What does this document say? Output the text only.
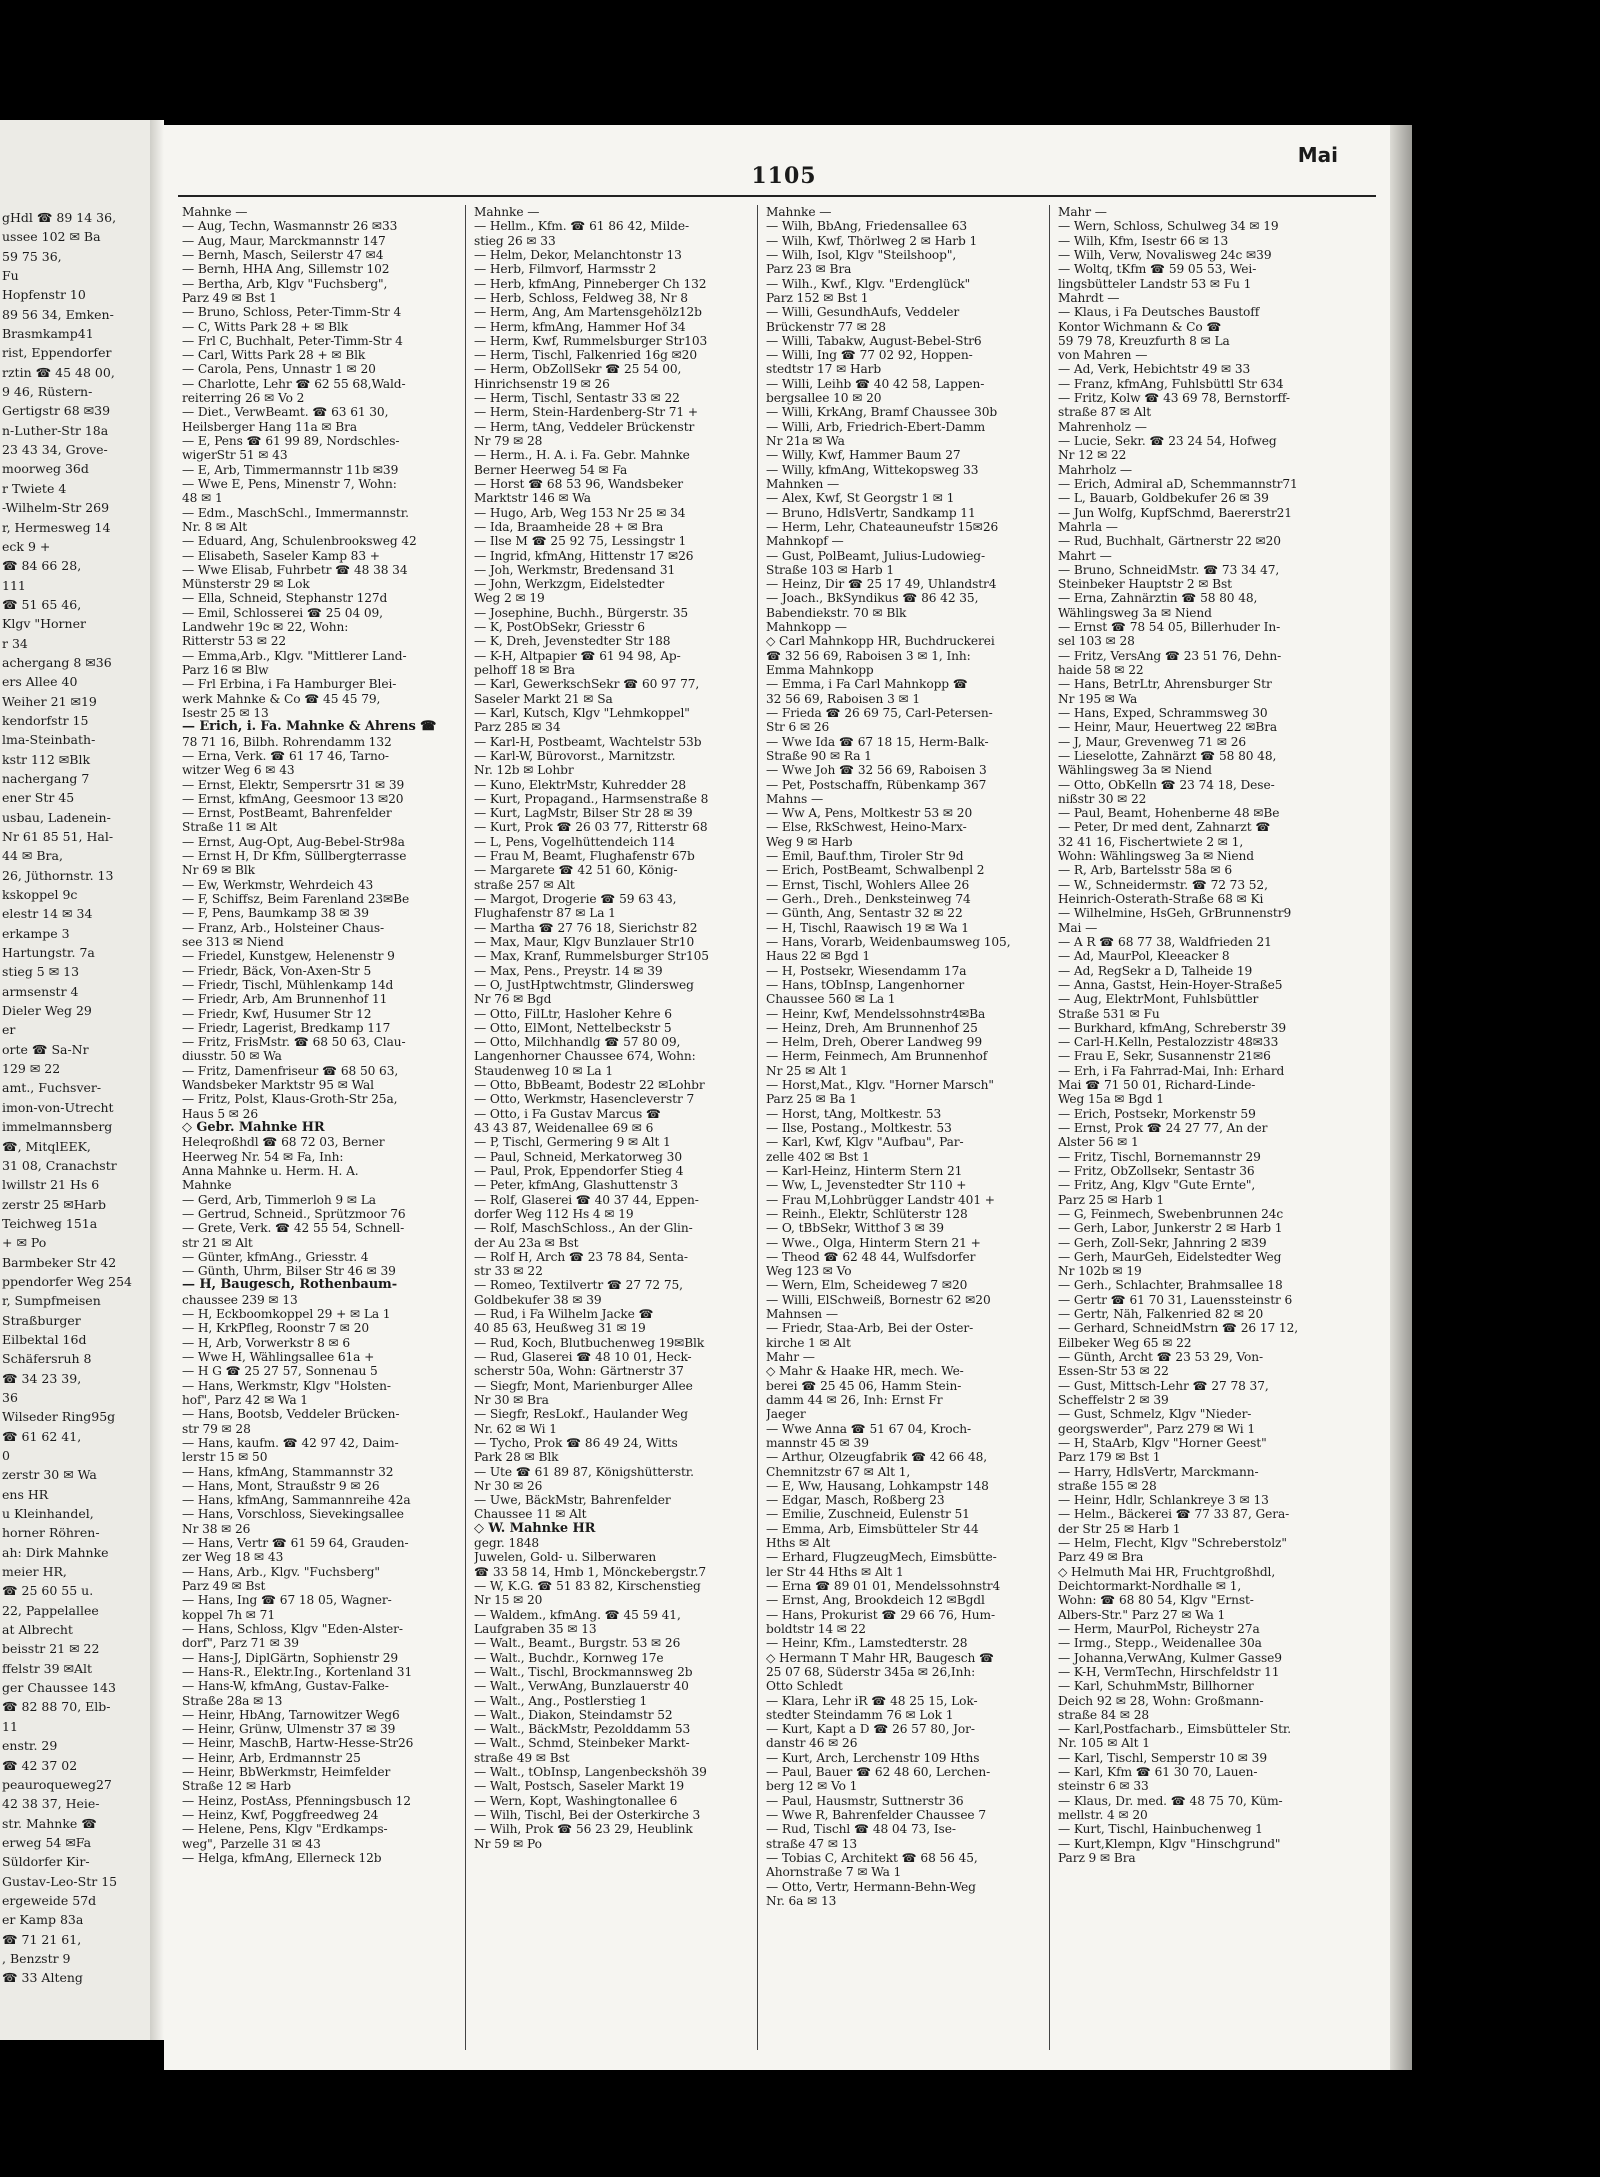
gHdl ☎ 89 14 36,
ussee 102 ✉ Ba
59 75 36,
Fu
Hopfenstr 10
89 56 34, Emken-
Brasmkamp41
rist, Eppendorfer
rztin ☎ 45 48 00,
9 46, Rüstern-
Gertigstr 68 ✉39
n-Luther-Str 18a
23 43 34, Grove-
moorweg 36d
r Twiete 4
-Wilhelm-Str 269
r, Hermesweg 14
eck 9 +
☎ 84 66 28,
111
☎ 51 65 46,
Klgv "Horner
r 34
achergang 8 ✉36
ers Allee 40
Weiher 21 ✉19
kendorfstr 15
lma-Steinbath-
kstr 112 ✉Blk
nachergang 7
ener Str 45
usbau, Ladenein-
Nr 61 85 51, Hal-
44 ✉ Bra,
26, Jüthornstr. 13
kskoppel 9c
elestr 14 ✉ 34
erkampe 3
Hartungstr. 7a
stieg 5 ✉ 13
armsenstr 4
Dieler Weg 29
er
orte ☎ Sa-Nr
129 ✉ 22
amt., Fuchsver-
imon-von-Utrecht
immelmannsberg
☎, MitqlEEK,
31 08, Cranachstr
lwillstr 21 Hs 6
zerstr 25 ✉Harb
Teichweg 151a
+ ✉ Po
Barmbeker Str 42
ppendorfer Weg 254
r, Sumpfmeisen
Straßburger
Eilbektal 16d
Schäfersruh 8
☎ 34 23 39,
36
Wilseder Ring95g
☎ 61 62 41,
0
zerstr 30 ✉ Wa
ens HR
u Kleinhandel,
horner Röhren-
ah: Dirk Mahnke
meier HR,
☎ 25 60 55 u.
22, Pappelallee
at Albrecht
beisstr 21 ✉ 22
ffelstr 39 ✉Alt
ger Chaussee 143
☎ 82 88 70, Elb-
11
enstr. 29
☎ 42 37 02
peauroqueweg27
42 38 37, Heie-
str. Mahnke ☎
erweg 54 ✉Fa
Süldorfer Kir-
Gustav-Leo-Str 15
ergeweide 57d
er Kamp 83a
☎ 71 21 61,
, Benzstr 9
☎ 33 Alteng
1105
Mai
Mahnke —
— Aug, Techn, Wasmannstr 26 ✉33
— Aug, Maur, Marckmannstr 147
— Bernh, Masch, Seilerstr 47 ✉4
— Bernh, HHA Ang, Sillemstr 102
— Bertha, Arb, Klgv "Fuchsberg",
Parz 49 ✉ Bst 1
— Bruno, Schloss, Peter-Timm-Str 4
— C, Witts Park 28 + ✉ Blk
— Frl C, Buchhalt, Peter-Timm-Str 4
— Carl, Witts Park 28 + ✉ Blk
— Carola, Pens, Unnastr 1 ✉ 20
— Charlotte, Lehr ☎ 62 55 68,Wald-
reiterring 26 ✉ Vo 2
— Diet., VerwBeamt. ☎ 63 61 30,
Heilsberger Hang 11a ✉ Bra
— E, Pens ☎ 61 99 89, Nordschles-
wigerStr 51 ✉ 43
— E, Arb, Timmermannstr 11b ✉39
— Wwe E, Pens, Minenstr 7, Wohn:
48 ✉ 1
— Edm., MaschSchl., Immermannstr.
Nr. 8 ✉ Alt
— Eduard, Ang, Schulenbrooksweg 42
— Elisabeth, Saseler Kamp 83 +
— Wwe Elisab, Fuhrbetr ☎ 48 38 34
Münsterstr 29 ✉ Lok
— Ella, Schneid, Stephanstr 127d
— Emil, Schlosserei ☎ 25 04 09,
Landwehr 19c ✉ 22, Wohn:
Ritterstr 53 ✉ 22
— Emma,Arb., Klgv. "Mittlerer Land-
Parz 16 ✉ Blw
— Frl Erbina, i Fa Hamburger Blei-
werk Mahnke & Co ☎ 45 45 79,
Isestr 25 ✉ 13
— Erich, i. Fa. Mahnke & Ahrens ☎
78 71 16, Bilbh. Rohrendamm 132
— Erna, Verk. ☎ 61 17 46, Tarno-
witzer Weg 6 ✉ 43
— Ernst, Elektr, Sempersrtr 31 ✉ 39
— Ernst, kfmAng, Geesmoor 13 ✉20
— Ernst, PostBeamt, Bahrenfelder
Straße 11 ✉ Alt
— Ernst, Aug-Opt, Aug-Bebel-Str98a
— Ernst H, Dr Kfm, Süllbergterrasse
Nr 69 ✉ Blk
— Ew, Werkmstr, Wehrdeich 43
— F, Schiffsz, Beim Farenland 23✉Be
— F, Pens, Baumkamp 38 ✉ 39
— Franz, Arb., Holsteiner Chaus-
see 313 ✉ Niend
— Friedel, Kunstgew, Helenenstr 9
— Friedr, Bäck, Von-Axen-Str 5
— Friedr, Tischl, Mühlenkamp 14d
— Friedr, Arb, Am Brunnenhof 11
— Friedr, Kwf, Husumer Str 12
— Friedr, Lagerist, Bredkamp 117
— Fritz, FrisMstr. ☎ 68 50 63, Clau-
diusstr. 50 ✉ Wa
— Fritz, Damenfriseur ☎ 68 50 63,
Wandsbeker Marktstr 95 ✉ Wal
— Fritz, Polst, Klaus-Groth-Str 25a,
Haus 5 ✉ 26
◇ Gebr. Mahnke HR
Heleqroßhdl ☎ 68 72 03, Berner
Heerweg Nr. 54 ✉ Fa, Inh:
Anna Mahnke u. Herm. H. A.
Mahnke
— Gerd, Arb, Timmerloh 9 ✉ La
— Gertrud, Schneid., Sprützmoor 76
— Grete, Verk. ☎ 42 55 54, Schnell-
str 21 ✉ Alt
— Günter, kfmAng., Griesstr. 4
— Günth, Uhrm, Bilser Str 46 ✉ 39
— H, Baugesch, Rothenbaum-
chaussee 239 ✉ 13
— H, Eckboomkoppel 29 + ✉ La 1
— H, KrkPfleg, Roonstr 7 ✉ 20
— H, Arb, Vorwerkstr 8 ✉ 6
— Wwe H, Wählingsallee 61a +
— H G ☎ 25 27 57, Sonnenau 5
— Hans, Werkmstr, Klgv "Holsten-
hof", Parz 42 ✉ Wa 1
— Hans, Bootsb, Veddeler Brücken-
str 79 ✉ 28
— Hans, kaufm. ☎ 42 97 42, Daim-
lerstr 15 ✉ 50
— Hans, kfmAng, Stammannstr 32
— Hans, Mont, Straußstr 9 ✉ 26
— Hans, kfmAng, Sammannreihe 42a
— Hans, Vorschloss, Sievekingsallee
Nr 38 ✉ 26
— Hans, Vertr ☎ 61 59 64, Grauden-
zer Weg 18 ✉ 43
— Hans, Arb., Klgv. "Fuchsberg"
Parz 49 ✉ Bst
— Hans, Ing ☎ 67 18 05, Wagner-
koppel 7h ✉ 71
— Hans, Schloss, Klgv "Eden-Alster-
dorf", Parz 71 ✉ 39
— Hans-J, DiplGärtn, Sophienstr 29
— Hans-R., Elektr.Ing., Kortenland 31
— Hans-W, kfmAng, Gustav-Falke-
Straße 28a ✉ 13
— Heinr, HbAng, Tarnowitzer Weg6
— Heinr, Grünw, Ulmenstr 37 ✉ 39
— Heinr, MaschB, Hartw-Hesse-Str26
— Heinr, Arb, Erdmannstr 25
— Heinr, BbWerkmstr, Heimfelder
Straße 12 ✉ Harb
— Heinz, PostAss, Pfenningsbusch 12
— Heinz, Kwf, Poggfreedweg 24
— Helene, Pens, Klgv "Erdkamps-
weg", Parzelle 31 ✉ 43
— Helga, kfmAng, Ellerneck 12b
Mahnke —
— Hellm., Kfm. ☎ 61 86 42, Milde-
stieg 26 ✉ 33
— Helm, Dekor, Melanchtonstr 13
— Herb, Filmvorf, Harmsstr 2
— Herb, kfmAng, Pinneberger Ch 132
— Herb, Schloss, Feldweg 38, Nr 8
— Herm, Ang, Am Martensgehölz12b
— Herm, kfmAng, Hammer Hof 34
— Herm, Kwf, Rummelsburger Str103
— Herm, Tischl, Falkenried 16g ✉20
— Herm, ObZollSekr ☎ 25 54 00,
Hinrichsenstr 19 ✉ 26
— Herm, Tischl, Sentastr 33 ✉ 22
— Herm, Stein-Hardenberg-Str 71 +
— Herm, tAng, Veddeler Brückenstr
Nr 79 ✉ 28
— Herm., H. A. i. Fa. Gebr. Mahnke
Berner Heerweg 54 ✉ Fa
— Horst ☎ 68 53 96, Wandsbeker
Marktstr 146 ✉ Wa
— Hugo, Arb, Weg 153 Nr 25 ✉ 34
— Ida, Braamheide 28 + ✉ Bra
— Ilse M ☎ 25 92 75, Lessingstr 1
— Ingrid, kfmAng, Hittenstr 17 ✉26
— Joh, Werkmstr, Bredensand 31
— John, Werkzgm, Eidelstedter
Weg 2 ✉ 19
— Josephine, Buchh., Bürgerstr. 35
— K, PostObSekr, Griesstr 6
— K, Dreh, Jevenstedter Str 188
— K-H, Altpapier ☎ 61 94 98, Ap-
pelhoff 18 ✉ Bra
— Karl, GewerkschSekr ☎ 60 97 77,
Saseler Markt 21 ✉ Sa
— Karl, Kutsch, Klgv "Lehmkoppel"
Parz 285 ✉ 34
— Karl-H, Postbeamt, Wachtelstr 53b
— Karl-W, Bürovorst., Marnitzstr.
Nr. 12b ✉ Lohbr
— Kuno, ElektrMstr, Kuhredder 28
— Kurt, Propagand., Harmsenstraße 8
— Kurt, LagMstr, Bilser Str 28 ✉ 39
— Kurt, Prok ☎ 26 03 77, Ritterstr 68
— L, Pens, Vogelhüttendeich 114
— Frau M, Beamt, Flughafenstr 67b
— Margarete ☎ 42 51 60, König-
straße 257 ✉ Alt
— Margot, Drogerie ☎ 59 63 43,
Flughafenstr 87 ✉ La 1
— Martha ☎ 27 76 18, Sierichstr 82
— Max, Maur, Klgv Bunzlauer Str10
— Max, Kranf, Rummelsburger Str105
— Max, Pens., Preystr. 14 ✉ 39
— O, JustHptwchtmstr, Glindersweg
Nr 76 ✉ Bgd
— Otto, FilLtr, Hasloher Kehre 6
— Otto, ElMont, Nettelbeckstr 5
— Otto, Milchhandlg ☎ 57 80 09,
Langenhorner Chaussee 674, Wohn:
Staudenweg 10 ✉ La 1
— Otto, BbBeamt, Bodestr 22 ✉Lohbr
— Otto, Werkmstr, Hasencleverstr 7
— Otto, i Fa Gustav Marcus ☎
43 43 87, Weidenallee 69 ✉ 6
— P, Tischl, Germering 9 ✉ Alt 1
— Paul, Schneid, Merkatorweg 30
— Paul, Prok, Eppendorfer Stieg 4
— Peter, kfmAng, Glashuttenstr 3
— Rolf, Glaserei ☎ 40 37 44, Eppen-
dorfer Weg 112 Hs 4 ✉ 19
— Rolf, MaschSchloss., An der Glin-
der Au 23a ✉ Bst
— Rolf H, Arch ☎ 23 78 84, Senta-
str 33 ✉ 22
— Romeo, Textilvertr ☎ 27 72 75,
Goldbekufer 38 ✉ 39
— Rud, i Fa Wilhelm Jacke ☎
40 85 63, Heußweg 31 ✉ 19
— Rud, Koch, Blutbuchenweg 19✉Blk
— Rud, Glaserei ☎ 48 10 01, Heck-
scherstr 50a, Wohn: Gärtnerstr 37
— Siegfr, Mont, Marienburger Allee
Nr 30 ✉ Bra
— Siegfr, ResLokf., Haulander Weg
Nr. 62 ✉ Wi 1
— Tycho, Prok ☎ 86 49 24, Witts
Park 28 ✉ Blk
— Ute ☎ 61 89 87, Königshütterstr.
Nr 30 ✉ 26
— Uwe, BäckMstr, Bahrenfelder
Chaussee 11 ✉ Alt
◇ W. Mahnke HR
gegr. 1848
Juwelen, Gold- u. Silberwaren
☎ 33 58 14, Hmb 1, Mönckebergstr.7
— W, K.G. ☎ 51 83 82, Kirschenstieg
Nr 15 ✉ 20
— Waldem., kfmAng. ☎ 45 59 41,
Laufgraben 35 ✉ 13
— Walt., Beamt., Burgstr. 53 ✉ 26
— Walt., Buchdr., Kornweg 17e
— Walt., Tischl, Brockmannsweg 2b
— Walt., VerwAng, Bunzlauerstr 40
— Walt., Ang., Postlerstieg 1
— Walt., Diakon, Steindamstr 52
— Walt., BäckMstr, Pezolddamm 53
— Walt., Schmd, Steinbeker Markt-
straße 49 ✉ Bst
— Walt., tObInsp, Langenbeckshöh 39
— Walt, Postsch, Saseler Markt 19
— Wern, Kopt, Washingtonallee 6
— Wilh, Tischl, Bei der Osterkirche 3
— Wilh, Prok ☎ 56 23 29, Heublink
Nr 59 ✉ Po
Mahnke —
— Wilh, BbAng, Friedensallee 63
— Wilh, Kwf, Thörlweg 2 ✉ Harb 1
— Wilh, Isol, Klgv "Steilshoop",
Parz 23 ✉ Bra
— Wilh., Kwf., Klgv. "Erdenglück"
Parz 152 ✉ Bst 1
— Willi, GesundhAufs, Veddeler
Brückenstr 77 ✉ 28
— Willi, Tabakw, August-Bebel-Str6
— Willi, Ing ☎ 77 02 92, Hoppen-
stedtstr 17 ✉ Harb
— Willi, Leihb ☎ 40 42 58, Lappen-
bergsallee 10 ✉ 20
— Willi, KrkAng, Bramf Chaussee 30b
— Willi, Arb, Friedrich-Ebert-Damm
Nr 21a ✉ Wa
— Willy, Kwf, Hammer Baum 27
— Willy, kfmAng, Wittekopsweg 33
Mahnken —
— Alex, Kwf, St Georgstr 1 ✉ 1
— Bruno, HdlsVertr, Sandkamp 11
— Herm, Lehr, Chateauneufstr 15✉26
Mahnkopf —
— Gust, PolBeamt, Julius-Ludowieg-
Straße 103 ✉ Harb 1
— Heinz, Dir ☎ 25 17 49, Uhlandstr4
— Joach., BkSyndikus ☎ 86 42 35,
Babendiekstr. 70 ✉ Blk
Mahnkopp —
◇ Carl Mahnkopp HR, Buchdruckerei
☎ 32 56 69, Raboisen 3 ✉ 1, Inh:
Emma Mahnkopp
— Emma, i Fa Carl Mahnkopp ☎
32 56 69, Raboisen 3 ✉ 1
— Frieda ☎ 26 69 75, Carl-Petersen-
Str 6 ✉ 26
— Wwe Ida ☎ 67 18 15, Herm-Balk-
Straße 90 ✉ Ra 1
— Wwe Joh ☎ 32 56 69, Raboisen 3
— Pet, Postschaffn, Rübenkamp 367
Mahns —
— Ww A, Pens, Moltkestr 53 ✉ 20
— Else, RkSchwest, Heino-Marx-
Weg 9 ✉ Harb
— Emil, Bauf.thm, Tiroler Str 9d
— Erich, PostBeamt, Schwalbenpl 2
— Ernst, Tischl, Wohlers Allee 26
— Gerh., Dreh., Denksteinweg 74
— Günth, Ang, Sentastr 32 ✉ 22
— H, Tischl, Raawisch 19 ✉ Wa 1
— Hans, Vorarb, Weidenbaumsweg 105,
Haus 22 ✉ Bgd 1
— H, Postsekr, Wiesendamm 17a
— Hans, tObInsp, Langenhorner
Chaussee 560 ✉ La 1
— Heinr, Kwf, Mendelssohnstr4✉Ba
— Heinz, Dreh, Am Brunnenhof 25
— Helm, Dreh, Oberer Landweg 99
— Herm, Feinmech, Am Brunnenhof
Nr 25 ✉ Alt 1
— Horst,Mat., Klgv. "Horner Marsch"
Parz 25 ✉ Ba 1
— Horst, tAng, Moltkestr. 53
— Ilse, Postang., Moltkestr. 53
— Karl, Kwf, Klgv "Aufbau", Par-
zelle 402 ✉ Bst 1
— Karl-Heinz, Hinterm Stern 21
— Ww, L, Jevenstedter Str 110 +
— Frau M,Lohbrügger Landstr 401 +
— Reinh., Elektr, Schlüterstr 128
— O, tBbSekr, Witthof 3 ✉ 39
— Wwe., Olga, Hinterm Stern 21 +
— Theod ☎ 62 48 44, Wulfsdorfer
Weg 123 ✉ Vo
— Wern, Elm, Scheideweg 7 ✉20
— Willi, ElSchweiß, Bornestr 62 ✉20
Mahnsen —
— Friedr, Staa-Arb, Bei der Oster-
kirche 1 ✉ Alt
Mahr —
◇ Mahr & Haake HR, mech. We-
berei ☎ 25 45 06, Hamm Stein-
damm 44 ✉ 26, Inh: Ernst Fr
Jaeger
— Wwe Anna ☎ 51 67 04, Kroch-
mannstr 45 ✉ 39
— Arthur, Olzeugfabrik ☎ 42 66 48,
Chemnitzstr 67 ✉ Alt 1,
— E, Ww, Hausang, Lohkampstr 148
— Edgar, Masch, Roßberg 23
— Emilie, Zuschneid, Eulenstr 51
— Emma, Arb, Eimsbütteler Str 44
Hths ✉ Alt
— Erhard, FlugzeugMech, Eimsbütte-
ler Str 44 Hths ✉ Alt 1
— Erna ☎ 89 01 01, Mendelssohnstr4
— Ernst, Ang, Brookdeich 12 ✉Bgdl
— Hans, Prokurist ☎ 29 66 76, Hum-
boldtstr 14 ✉ 22
— Heinr, Kfm., Lamstedterstr. 28
◇ Hermann T Mahr HR, Baugesch ☎
25 07 68, Süderstr 345a ✉ 26,Inh:
Otto Schledt
— Klara, Lehr iR ☎ 48 25 15, Lok-
stedter Steindamm 76 ✉ Lok 1
— Kurt, Kapt a D ☎ 26 57 80, Jor-
danstr 46 ✉ 26
— Kurt, Arch, Lerchenstr 109 Hths
— Paul, Bauer ☎ 62 48 60, Lerchen-
berg 12 ✉ Vo 1
— Paul, Hausmstr, Suttnerstr 36
— Wwe R, Bahrenfelder Chaussee 7
— Rud, Tischl ☎ 48 04 73, Ise-
straße 47 ✉ 13
— Tobias C, Architekt ☎ 68 56 45,
Ahornstraße 7 ✉ Wa 1
— Otto, Vertr, Hermann-Behn-Weg
Nr. 6a ✉ 13
Mahr —
— Wern, Schloss, Schulweg 34 ✉ 19
— Wilh, Kfm, Isestr 66 ✉ 13
— Wilh, Verw, Novalisweg 24c ✉39
— Woltq, tKfm ☎ 59 05 53, Wei-
lingsbütteler Landstr 53 ✉ Fu 1
Mahrdt —
— Klaus, i Fa Deutsches Baustoff
Kontor Wichmann & Co ☎
59 79 78, Kreuzfurth 8 ✉ La
von Mahren —
— Ad, Verk, Hebichtstr 49 ✉ 33
— Franz, kfmAng, Fuhlsbüttl Str 634
— Fritz, Kolw ☎ 43 69 78, Bernstorff-
straße 87 ✉ Alt
Mahrenholz —
— Lucie, Sekr. ☎ 23 24 54, Hofweg
Nr 12 ✉ 22
Mahrholz —
— Erich, Admiral aD, Schemmannstr71
— L, Bauarb, Goldbekufer 26 ✉ 39
— Jun Wolfg, KupfSchmd, Baererstr21
Mahrla —
— Rud, Buchhalt, Gärtnerstr 22 ✉20
Mahrt —
— Bruno, SchneidMstr. ☎ 73 34 47,
Steinbeker Hauptstr 2 ✉ Bst
— Erna, Zahnärztin ☎ 58 80 48,
Wählingsweg 3a ✉ Niend
— Ernst ☎ 78 54 05, Billerhuder In-
sel 103 ✉ 28
— Fritz, VersAng ☎ 23 51 76, Dehn-
haide 58 ✉ 22
— Hans, BetrLtr, Ahrensburger Str
Nr 195 ✉ Wa
— Hans, Exped, Schrammsweg 30
— Heinr, Maur, Heuertweg 22 ✉Bra
— J, Maur, Grevenweg 71 ✉ 26
— Lieselotte, Zahnärzt ☎ 58 80 48,
Wählingsweg 3a ✉ Niend
— Otto, ObKelln ☎ 23 74 18, Dese-
nißstr 30 ✉ 22
— Paul, Beamt, Hohenberne 48 ✉Be
— Peter, Dr med dent, Zahnarzt ☎
32 41 16, Fischertwiete 2 ✉ 1,
Wohn: Wählingsweg 3a ✉ Niend
— R, Arb, Bartelsstr 58a ✉ 6
— W., Schneidermstr. ☎ 72 73 52,
Heinrich-Osterath-Straße 68 ✉ Ki
— Wilhelmine, HsGeh, GrBrunnenstr9
Mai —
— A R ☎ 68 77 38, Waldfrieden 21
— Ad, MaurPol, Kleeacker 8
— Ad, RegSekr a D, Talheide 19
— Anna, Gastst, Hein-Hoyer-Straße5
— Aug, ElektrMont, Fuhlsbüttler
Straße 531 ✉ Fu
— Burkhard, kfmAng, Schreberstr 39
— Carl-H.Kelln, Pestalozzistr 48✉33
— Frau E, Sekr, Susannenstr 21✉6
— Erh, i Fa Fahrrad-Mai, Inh: Erhard
Mai ☎ 71 50 01, Richard-Linde-
Weg 15a ✉ Bgd 1
— Erich, Postsekr, Morkenstr 59
— Ernst, Prok ☎ 24 27 77, An der
Alster 56 ✉ 1
— Fritz, Tischl, Bornemannstr 29
— Fritz, ObZollsekr, Sentastr 36
— Fritz, Ang, Klgv "Gute Ernte",
Parz 25 ✉ Harb 1
— G, Feinmech, Swebenbrunnen 24c
— Gerh, Labor, Junkerstr 2 ✉ Harb 1
— Gerh, Zoll-Sekr, Jahnring 2 ✉39
— Gerh, MaurGeh, Eidelstedter Weg
Nr 102b ✉ 19
— Gerh., Schlachter, Brahmsallee 18
— Gertr ☎ 61 70 31, Lauenssteinstr 6
— Gertr, Näh, Falkenried 82 ✉ 20
— Gerhard, SchneidMstrn ☎ 26 17 12,
Eilbeker Weg 65 ✉ 22
— Günth, Archt ☎ 23 53 29, Von-
Essen-Str 53 ✉ 22
— Gust, Mittsch-Lehr ☎ 27 78 37,
Scheffelstr 2 ✉ 39
— Gust, Schmelz, Klgv "Nieder-
georgswerder", Parz 279 ✉ Wi 1
— H, StaArb, Klgv "Horner Geest"
Parz 179 ✉ Bst 1
— Harry, HdlsVertr, Marckmann-
straße 155 ✉ 28
— Heinr, Hdlr, Schlankreye 3 ✉ 13
— Helm., Bäckerei ☎ 77 33 87, Gera-
der Str 25 ✉ Harb 1
— Helm, Flecht, Klgv "Schreberstolz"
Parz 49 ✉ Bra
◇ Helmuth Mai HR, Fruchtgroßhdl,
Deichtormarkt-Nordhalle ✉ 1,
Wohn: ☎ 68 80 54, Klgv "Ernst-
Albers-Str." Parz 27 ✉ Wa 1
— Herm, MaurPol, Richeystr 27a
— Irmg., Stepp., Weidenallee 30a
— Johanna,VerwAng, Kulmer Gasse9
— K-H, VermTechn, Hirschfeldstr 11
— Karl, SchuhmMstr, Billhorner
Deich 92 ✉ 28, Wohn: Großmann-
straße 84 ✉ 28
— Karl,Postfacharb., Eimsbütteler Str.
Nr. 105 ✉ Alt 1
— Karl, Tischl, Semperstr 10 ✉ 39
— Karl, Kfm ☎ 61 30 70, Lauen-
steinstr 6 ✉ 33
— Klaus, Dr. med. ☎ 48 75 70, Küm-
mellstr. 4 ✉ 20
— Kurt, Tischl, Hainbuchenweg 1
— Kurt,Klempn, Klgv "Hinschgrund"
Parz 9 ✉ Bra
